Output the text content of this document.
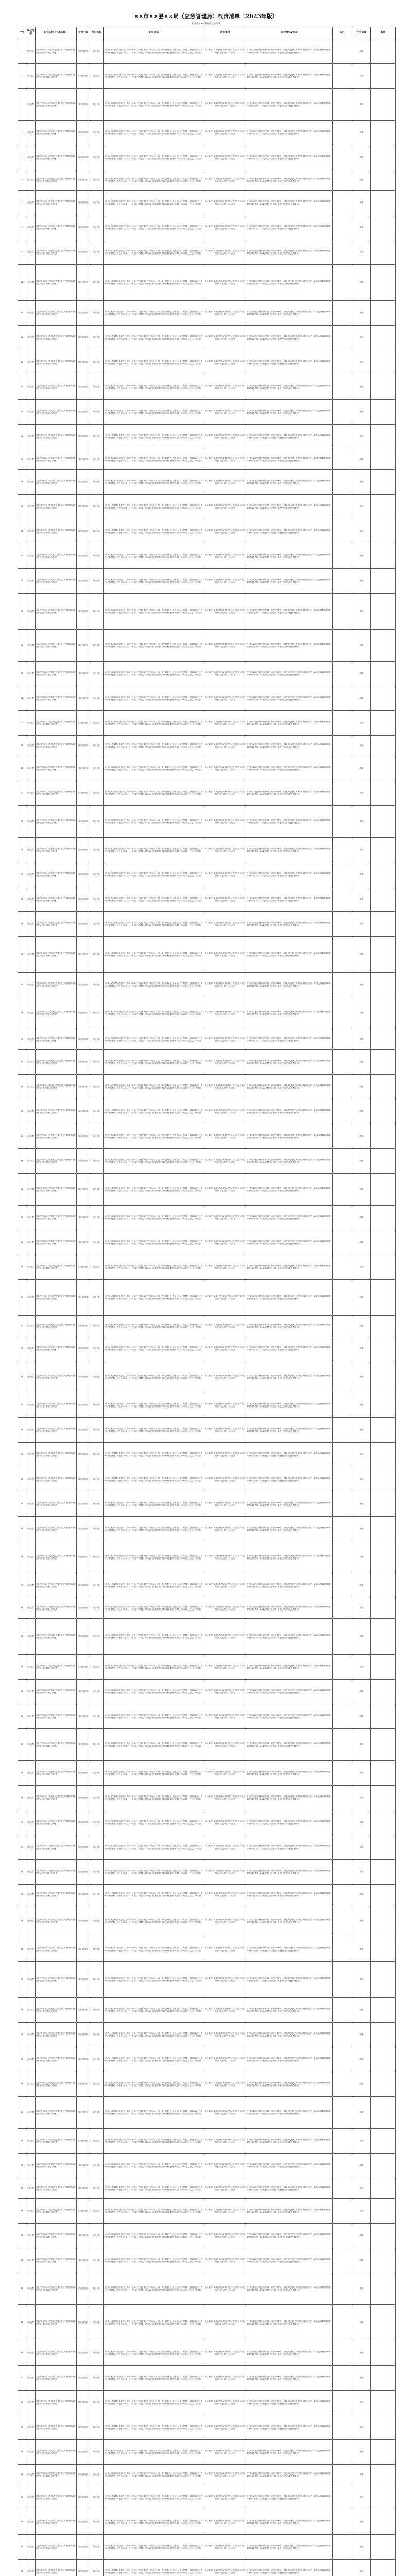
××市××县××局（应急管理局）权责清单（2023年版）
（本清单共××项行政权力事项）
序号	职权类型	职权名称（子项名称）	实施主体	承办机构	职权依据	责任事项	追责情形及依据	备注	行使层级	其他
1	行政处罚	对生产经营单位未按照规定设置安全生产管理机构或者配备安全生产管理人员的处罚	县应急管理局	执法大队	《中华人民共和国安全生产法》第九十七条：生产经营单位有下列行为之一的，责令限期改正，处十万元以下的罚款；逾期未改正的，责令停产停业整顿，并处十万元以上二十万元以下的罚款，对其直接负责的主管人员和其他直接责任人员处二万元以上五万元以下的罚款。	1.立案责任 2.调查责任 3.审查责任 4.告知责任 5.决定责任 6.送达责任 7.执行责任	因不履行或不正确履行行政职责，有下列情形的，行政机关及相关工作人员应承担相应责任：1.没有法律和事实依据实施行政处罚的；2.行政处罚显失公正的；3.违反法定的行政处罚程序的。		县级	
2	行政处罚	对生产经营单位未按照规定设置安全生产管理机构或者配备安全生产管理人员的处罚	县应急管理局	执法大队	《中华人民共和国安全生产法》第九十七条：生产经营单位有下列行为之一的，责令限期改正，处十万元以下的罚款；逾期未改正的，责令停产停业整顿，并处十万元以上二十万元以下的罚款，对其直接负责的主管人员和其他直接责任人员处二万元以上五万元以下的罚款。	1.立案责任 2.调查责任 3.审查责任 4.告知责任 5.决定责任 6.送达责任 7.执行责任	因不履行或不正确履行行政职责，有下列情形的，行政机关及相关工作人员应承担相应责任：1.没有法律和事实依据实施行政处罚的；2.行政处罚显失公正的；3.违反法定的行政处罚程序的。		县级	
3	行政处罚	对生产经营单位未按照规定设置安全生产管理机构或者配备安全生产管理人员的处罚	县应急管理局	执法大队	《中华人民共和国安全生产法》第九十七条：生产经营单位有下列行为之一的，责令限期改正，处十万元以下的罚款；逾期未改正的，责令停产停业整顿，并处十万元以上二十万元以下的罚款，对其直接负责的主管人员和其他直接责任人员处二万元以上五万元以下的罚款。	1.立案责任 2.调查责任 3.审查责任 4.告知责任 5.决定责任 6.送达责任 7.执行责任	因不履行或不正确履行行政职责，有下列情形的，行政机关及相关工作人员应承担相应责任：1.没有法律和事实依据实施行政处罚的；2.行政处罚显失公正的；3.违反法定的行政处罚程序的。		县级	
4	行政处罚	对生产经营单位未按照规定设置安全生产管理机构或者配备安全生产管理人员的处罚	县应急管理局	执法大队	《中华人民共和国安全生产法》第九十七条：生产经营单位有下列行为之一的，责令限期改正，处十万元以下的罚款；逾期未改正的，责令停产停业整顿，并处十万元以上二十万元以下的罚款，对其直接负责的主管人员和其他直接责任人员处二万元以上五万元以下的罚款。	1.立案责任 2.调查责任 3.审查责任 4.告知责任 5.决定责任 6.送达责任 7.执行责任	因不履行或不正确履行行政职责，有下列情形的，行政机关及相关工作人员应承担相应责任：1.没有法律和事实依据实施行政处罚的；2.行政处罚显失公正的；3.违反法定的行政处罚程序的。		县级	
5	行政处罚	对生产经营单位未按照规定设置安全生产管理机构或者配备安全生产管理人员的处罚	县应急管理局	执法大队	《中华人民共和国安全生产法》第九十七条：生产经营单位有下列行为之一的，责令限期改正，处十万元以下的罚款；逾期未改正的，责令停产停业整顿，并处十万元以上二十万元以下的罚款，对其直接负责的主管人员和其他直接责任人员处二万元以上五万元以下的罚款。	1.立案责任 2.调查责任 3.审查责任 4.告知责任 5.决定责任 6.送达责任 7.执行责任	因不履行或不正确履行行政职责，有下列情形的，行政机关及相关工作人员应承担相应责任：1.没有法律和事实依据实施行政处罚的；2.行政处罚显失公正的；3.违反法定的行政处罚程序的。		县级	
6	行政处罚	对生产经营单位未按照规定设置安全生产管理机构或者配备安全生产管理人员的处罚	县应急管理局	执法大队	《中华人民共和国安全生产法》第九十七条：生产经营单位有下列行为之一的，责令限期改正，处十万元以下的罚款；逾期未改正的，责令停产停业整顿，并处十万元以上二十万元以下的罚款，对其直接负责的主管人员和其他直接责任人员处二万元以上五万元以下的罚款。	1.立案责任 2.调查责任 3.审查责任 4.告知责任 5.决定责任 6.送达责任 7.执行责任	因不履行或不正确履行行政职责，有下列情形的，行政机关及相关工作人员应承担相应责任：1.没有法律和事实依据实施行政处罚的；2.行政处罚显失公正的；3.违反法定的行政处罚程序的。		县级	
7	行政处罚	对生产经营单位未按照规定设置安全生产管理机构或者配备安全生产管理人员的处罚	县应急管理局	执法大队	《中华人民共和国安全生产法》第九十七条：生产经营单位有下列行为之一的，责令限期改正，处十万元以下的罚款；逾期未改正的，责令停产停业整顿，并处十万元以上二十万元以下的罚款，对其直接负责的主管人员和其他直接责任人员处二万元以上五万元以下的罚款。	1.立案责任 2.调查责任 3.审查责任 4.告知责任 5.决定责任 6.送达责任 7.执行责任	因不履行或不正确履行行政职责，有下列情形的，行政机关及相关工作人员应承担相应责任：1.没有法律和事实依据实施行政处罚的；2.行政处罚显失公正的；3.违反法定的行政处罚程序的。		县级	
8	行政处罚	对生产经营单位未按照规定设置安全生产管理机构或者配备安全生产管理人员的处罚	县应急管理局	执法大队	《中华人民共和国安全生产法》第九十七条：生产经营单位有下列行为之一的，责令限期改正，处十万元以下的罚款；逾期未改正的，责令停产停业整顿，并处十万元以上二十万元以下的罚款，对其直接负责的主管人员和其他直接责任人员处二万元以上五万元以下的罚款。	1.立案责任 2.调查责任 3.审查责任 4.告知责任 5.决定责任 6.送达责任 7.执行责任	因不履行或不正确履行行政职责，有下列情形的，行政机关及相关工作人员应承担相应责任：1.没有法律和事实依据实施行政处罚的；2.行政处罚显失公正的；3.违反法定的行政处罚程序的。		县级	
9	行政处罚	对生产经营单位未按照规定设置安全生产管理机构或者配备安全生产管理人员的处罚	县应急管理局	执法大队	《中华人民共和国安全生产法》第九十七条：生产经营单位有下列行为之一的，责令限期改正，处十万元以下的罚款；逾期未改正的，责令停产停业整顿，并处十万元以上二十万元以下的罚款，对其直接负责的主管人员和其他直接责任人员处二万元以上五万元以下的罚款。	1.立案责任 2.调查责任 3.审查责任 4.告知责任 5.决定责任 6.送达责任 7.执行责任	因不履行或不正确履行行政职责，有下列情形的，行政机关及相关工作人员应承担相应责任：1.没有法律和事实依据实施行政处罚的；2.行政处罚显失公正的；3.违反法定的行政处罚程序的。		县级	
10	行政处罚	对生产经营单位未按照规定设置安全生产管理机构或者配备安全生产管理人员的处罚	县应急管理局	执法大队	《中华人民共和国安全生产法》第九十七条：生产经营单位有下列行为之一的，责令限期改正，处十万元以下的罚款；逾期未改正的，责令停产停业整顿，并处十万元以上二十万元以下的罚款，对其直接负责的主管人员和其他直接责任人员处二万元以上五万元以下的罚款。	1.立案责任 2.调查责任 3.审查责任 4.告知责任 5.决定责任 6.送达责任 7.执行责任	因不履行或不正确履行行政职责，有下列情形的，行政机关及相关工作人员应承担相应责任：1.没有法律和事实依据实施行政处罚的；2.行政处罚显失公正的；3.违反法定的行政处罚程序的。		县级	
11	行政处罚	对生产经营单位未按照规定设置安全生产管理机构或者配备安全生产管理人员的处罚	县应急管理局	执法大队	《中华人民共和国安全生产法》第九十七条：生产经营单位有下列行为之一的，责令限期改正，处十万元以下的罚款；逾期未改正的，责令停产停业整顿，并处十万元以上二十万元以下的罚款，对其直接负责的主管人员和其他直接责任人员处二万元以上五万元以下的罚款。	1.立案责任 2.调查责任 3.审查责任 4.告知责任 5.决定责任 6.送达责任 7.执行责任	因不履行或不正确履行行政职责，有下列情形的，行政机关及相关工作人员应承担相应责任：1.没有法律和事实依据实施行政处罚的；2.行政处罚显失公正的；3.违反法定的行政处罚程序的。		县级	
12	行政处罚	对生产经营单位未按照规定设置安全生产管理机构或者配备安全生产管理人员的处罚	县应急管理局	执法大队	《中华人民共和国安全生产法》第九十七条：生产经营单位有下列行为之一的，责令限期改正，处十万元以下的罚款；逾期未改正的，责令停产停业整顿，并处十万元以上二十万元以下的罚款，对其直接负责的主管人员和其他直接责任人员处二万元以上五万元以下的罚款。	1.立案责任 2.调查责任 3.审查责任 4.告知责任 5.决定责任 6.送达责任 7.执行责任	因不履行或不正确履行行政职责，有下列情形的，行政机关及相关工作人员应承担相应责任：1.没有法律和事实依据实施行政处罚的；2.行政处罚显失公正的；3.违反法定的行政处罚程序的。		县级	
13	行政处罚	对生产经营单位未按照规定设置安全生产管理机构或者配备安全生产管理人员的处罚	县应急管理局	执法大队	《中华人民共和国安全生产法》第九十七条：生产经营单位有下列行为之一的，责令限期改正，处十万元以下的罚款；逾期未改正的，责令停产停业整顿，并处十万元以上二十万元以下的罚款，对其直接负责的主管人员和其他直接责任人员处二万元以上五万元以下的罚款。	1.立案责任 2.调查责任 3.审查责任 4.告知责任 5.决定责任 6.送达责任 7.执行责任	因不履行或不正确履行行政职责，有下列情形的，行政机关及相关工作人员应承担相应责任：1.没有法律和事实依据实施行政处罚的；2.行政处罚显失公正的；3.违反法定的行政处罚程序的。		县级	
14	行政处罚	对生产经营单位未按照规定设置安全生产管理机构或者配备安全生产管理人员的处罚	县应急管理局	执法大队	《中华人民共和国安全生产法》第九十七条：生产经营单位有下列行为之一的，责令限期改正，处十万元以下的罚款；逾期未改正的，责令停产停业整顿，并处十万元以上二十万元以下的罚款，对其直接负责的主管人员和其他直接责任人员处二万元以上五万元以下的罚款。	1.立案责任 2.调查责任 3.审查责任 4.告知责任 5.决定责任 6.送达责任 7.执行责任	因不履行或不正确履行行政职责，有下列情形的，行政机关及相关工作人员应承担相应责任：1.没有法律和事实依据实施行政处罚的；2.行政处罚显失公正的；3.违反法定的行政处罚程序的。		县级	
15	行政处罚	对生产经营单位未按照规定设置安全生产管理机构或者配备安全生产管理人员的处罚	县应急管理局	执法大队	《中华人民共和国安全生产法》第九十七条：生产经营单位有下列行为之一的，责令限期改正，处十万元以下的罚款；逾期未改正的，责令停产停业整顿，并处十万元以上二十万元以下的罚款，对其直接负责的主管人员和其他直接责任人员处二万元以上五万元以下的罚款。	1.立案责任 2.调查责任 3.审查责任 4.告知责任 5.决定责任 6.送达责任 7.执行责任	因不履行或不正确履行行政职责，有下列情形的，行政机关及相关工作人员应承担相应责任：1.没有法律和事实依据实施行政处罚的；2.行政处罚显失公正的；3.违反法定的行政处罚程序的。		县级	
16	行政处罚	对生产经营单位未按照规定设置安全生产管理机构或者配备安全生产管理人员的处罚	县应急管理局	执法大队	《中华人民共和国安全生产法》第九十七条：生产经营单位有下列行为之一的，责令限期改正，处十万元以下的罚款；逾期未改正的，责令停产停业整顿，并处十万元以上二十万元以下的罚款，对其直接负责的主管人员和其他直接责任人员处二万元以上五万元以下的罚款。	1.立案责任 2.调查责任 3.审查责任 4.告知责任 5.决定责任 6.送达责任 7.执行责任	因不履行或不正确履行行政职责，有下列情形的，行政机关及相关工作人员应承担相应责任：1.没有法律和事实依据实施行政处罚的；2.行政处罚显失公正的；3.违反法定的行政处罚程序的。		县级	
17	行政处罚	对生产经营单位未按照规定设置安全生产管理机构或者配备安全生产管理人员的处罚	县应急管理局	执法大队	《中华人民共和国安全生产法》第九十七条：生产经营单位有下列行为之一的，责令限期改正，处十万元以下的罚款；逾期未改正的，责令停产停业整顿，并处十万元以上二十万元以下的罚款，对其直接负责的主管人员和其他直接责任人员处二万元以上五万元以下的罚款。	1.立案责任 2.调查责任 3.审查责任 4.告知责任 5.决定责任 6.送达责任 7.执行责任	因不履行或不正确履行行政职责，有下列情形的，行政机关及相关工作人员应承担相应责任：1.没有法律和事实依据实施行政处罚的；2.行政处罚显失公正的；3.违反法定的行政处罚程序的。		县级	
18	行政处罚	对生产经营单位未按照规定设置安全生产管理机构或者配备安全生产管理人员的处罚	县应急管理局	执法大队	《中华人民共和国安全生产法》第九十七条：生产经营单位有下列行为之一的，责令限期改正，处十万元以下的罚款；逾期未改正的，责令停产停业整顿，并处十万元以上二十万元以下的罚款，对其直接负责的主管人员和其他直接责任人员处二万元以上五万元以下的罚款。	1.立案责任 2.调查责任 3.审查责任 4.告知责任 5.决定责任 6.送达责任 7.执行责任	因不履行或不正确履行行政职责，有下列情形的，行政机关及相关工作人员应承担相应责任：1.没有法律和事实依据实施行政处罚的；2.行政处罚显失公正的；3.违反法定的行政处罚程序的。		县级	
19	行政处罚	对生产经营单位未按照规定设置安全生产管理机构或者配备安全生产管理人员的处罚	县应急管理局	执法大队	《中华人民共和国安全生产法》第九十七条：生产经营单位有下列行为之一的，责令限期改正，处十万元以下的罚款；逾期未改正的，责令停产停业整顿，并处十万元以上二十万元以下的罚款，对其直接负责的主管人员和其他直接责任人员处二万元以上五万元以下的罚款。	1.立案责任 2.调查责任 3.审查责任 4.告知责任 5.决定责任 6.送达责任 7.执行责任	因不履行或不正确履行行政职责，有下列情形的，行政机关及相关工作人员应承担相应责任：1.没有法律和事实依据实施行政处罚的；2.行政处罚显失公正的；3.违反法定的行政处罚程序的。		县级	
20	行政处罚	对生产经营单位未按照规定设置安全生产管理机构或者配备安全生产管理人员的处罚	县应急管理局	执法大队	《中华人民共和国安全生产法》第九十七条：生产经营单位有下列行为之一的，责令限期改正，处十万元以下的罚款；逾期未改正的，责令停产停业整顿，并处十万元以上二十万元以下的罚款，对其直接负责的主管人员和其他直接责任人员处二万元以上五万元以下的罚款。	1.立案责任 2.调查责任 3.审查责任 4.告知责任 5.决定责任 6.送达责任 7.执行责任	因不履行或不正确履行行政职责，有下列情形的，行政机关及相关工作人员应承担相应责任：1.没有法律和事实依据实施行政处罚的；2.行政处罚显失公正的；3.违反法定的行政处罚程序的。		县级	
21	行政处罚	对生产经营单位未按照规定设置安全生产管理机构或者配备安全生产管理人员的处罚	县应急管理局	执法大队	《中华人民共和国安全生产法》第九十七条：生产经营单位有下列行为之一的，责令限期改正，处十万元以下的罚款；逾期未改正的，责令停产停业整顿，并处十万元以上二十万元以下的罚款，对其直接负责的主管人员和其他直接责任人员处二万元以上五万元以下的罚款。	1.立案责任 2.调查责任 3.审查责任 4.告知责任 5.决定责任 6.送达责任 7.执行责任	因不履行或不正确履行行政职责，有下列情形的，行政机关及相关工作人员应承担相应责任：1.没有法律和事实依据实施行政处罚的；2.行政处罚显失公正的；3.违反法定的行政处罚程序的。		县级	
22	行政处罚	对生产经营单位未按照规定设置安全生产管理机构或者配备安全生产管理人员的处罚	县应急管理局	执法大队	《中华人民共和国安全生产法》第九十七条：生产经营单位有下列行为之一的，责令限期改正，处十万元以下的罚款；逾期未改正的，责令停产停业整顿，并处十万元以上二十万元以下的罚款，对其直接负责的主管人员和其他直接责任人员处二万元以上五万元以下的罚款。	1.立案责任 2.调查责任 3.审查责任 4.告知责任 5.决定责任 6.送达责任 7.执行责任	因不履行或不正确履行行政职责，有下列情形的，行政机关及相关工作人员应承担相应责任：1.没有法律和事实依据实施行政处罚的；2.行政处罚显失公正的；3.违反法定的行政处罚程序的。		县级	
23	行政处罚	对生产经营单位未按照规定设置安全生产管理机构或者配备安全生产管理人员的处罚	县应急管理局	执法大队	《中华人民共和国安全生产法》第九十七条：生产经营单位有下列行为之一的，责令限期改正，处十万元以下的罚款；逾期未改正的，责令停产停业整顿，并处十万元以上二十万元以下的罚款，对其直接负责的主管人员和其他直接责任人员处二万元以上五万元以下的罚款。	1.立案责任 2.调查责任 3.审查责任 4.告知责任 5.决定责任 6.送达责任 7.执行责任	因不履行或不正确履行行政职责，有下列情形的，行政机关及相关工作人员应承担相应责任：1.没有法律和事实依据实施行政处罚的；2.行政处罚显失公正的；3.违反法定的行政处罚程序的。		县级	
24	行政处罚	对生产经营单位未按照规定设置安全生产管理机构或者配备安全生产管理人员的处罚	县应急管理局	执法大队	《中华人民共和国安全生产法》第九十七条：生产经营单位有下列行为之一的，责令限期改正，处十万元以下的罚款；逾期未改正的，责令停产停业整顿，并处十万元以上二十万元以下的罚款，对其直接负责的主管人员和其他直接责任人员处二万元以上五万元以下的罚款。	1.立案责任 2.调查责任 3.审查责任 4.告知责任 5.决定责任 6.送达责任 7.执行责任	因不履行或不正确履行行政职责，有下列情形的，行政机关及相关工作人员应承担相应责任：1.没有法律和事实依据实施行政处罚的；2.行政处罚显失公正的；3.违反法定的行政处罚程序的。		县级	
25	行政处罚	对生产经营单位未按照规定设置安全生产管理机构或者配备安全生产管理人员的处罚	县应急管理局	执法大队	《中华人民共和国安全生产法》第九十七条：生产经营单位有下列行为之一的，责令限期改正，处十万元以下的罚款；逾期未改正的，责令停产停业整顿，并处十万元以上二十万元以下的罚款，对其直接负责的主管人员和其他直接责任人员处二万元以上五万元以下的罚款。	1.立案责任 2.调查责任 3.审查责任 4.告知责任 5.决定责任 6.送达责任 7.执行责任	因不履行或不正确履行行政职责，有下列情形的，行政机关及相关工作人员应承担相应责任：1.没有法律和事实依据实施行政处罚的；2.行政处罚显失公正的；3.违反法定的行政处罚程序的。		县级	
26	行政处罚	对生产经营单位未按照规定设置安全生产管理机构或者配备安全生产管理人员的处罚	县应急管理局	执法大队	《中华人民共和国安全生产法》第九十七条：生产经营单位有下列行为之一的，责令限期改正，处十万元以下的罚款；逾期未改正的，责令停产停业整顿，并处十万元以上二十万元以下的罚款，对其直接负责的主管人员和其他直接责任人员处二万元以上五万元以下的罚款。	1.立案责任 2.调查责任 3.审查责任 4.告知责任 5.决定责任 6.送达责任 7.执行责任	因不履行或不正确履行行政职责，有下列情形的，行政机关及相关工作人员应承担相应责任：1.没有法律和事实依据实施行政处罚的；2.行政处罚显失公正的；3.违反法定的行政处罚程序的。		县级	
27	行政处罚	对生产经营单位未按照规定设置安全生产管理机构或者配备安全生产管理人员的处罚	县应急管理局	执法大队	《中华人民共和国安全生产法》第九十七条：生产经营单位有下列行为之一的，责令限期改正，处十万元以下的罚款；逾期未改正的，责令停产停业整顿，并处十万元以上二十万元以下的罚款，对其直接负责的主管人员和其他直接责任人员处二万元以上五万元以下的罚款。	1.立案责任 2.调查责任 3.审查责任 4.告知责任 5.决定责任 6.送达责任 7.执行责任	因不履行或不正确履行行政职责，有下列情形的，行政机关及相关工作人员应承担相应责任：1.没有法律和事实依据实施行政处罚的；2.行政处罚显失公正的；3.违反法定的行政处罚程序的。		县级	
28	行政处罚	对生产经营单位未按照规定设置安全生产管理机构或者配备安全生产管理人员的处罚	县应急管理局	执法大队	《中华人民共和国安全生产法》第九十七条：生产经营单位有下列行为之一的，责令限期改正，处十万元以下的罚款；逾期未改正的，责令停产停业整顿，并处十万元以上二十万元以下的罚款，对其直接负责的主管人员和其他直接责任人员处二万元以上五万元以下的罚款。	1.立案责任 2.调查责任 3.审查责任 4.告知责任 5.决定责任 6.送达责任 7.执行责任	因不履行或不正确履行行政职责，有下列情形的，行政机关及相关工作人员应承担相应责任：1.没有法律和事实依据实施行政处罚的；2.行政处罚显失公正的；3.违反法定的行政处罚程序的。		县级	
29	行政处罚	对生产经营单位未按照规定设置安全生产管理机构或者配备安全生产管理人员的处罚	县应急管理局	执法大队	《中华人民共和国安全生产法》第九十七条：生产经营单位有下列行为之一的，责令限期改正，处十万元以下的罚款；逾期未改正的，责令停产停业整顿，并处十万元以上二十万元以下的罚款，对其直接负责的主管人员和其他直接责任人员处二万元以上五万元以下的罚款。	1.立案责任 2.调查责任 3.审查责任 4.告知责任 5.决定责任 6.送达责任 7.执行责任	因不履行或不正确履行行政职责，有下列情形的，行政机关及相关工作人员应承担相应责任：1.没有法律和事实依据实施行政处罚的；2.行政处罚显失公正的；3.违反法定的行政处罚程序的。		县级	
30	行政处罚	对生产经营单位未按照规定设置安全生产管理机构或者配备安全生产管理人员的处罚	县应急管理局	执法大队	《中华人民共和国安全生产法》第九十七条：生产经营单位有下列行为之一的，责令限期改正，处十万元以下的罚款；逾期未改正的，责令停产停业整顿，并处十万元以上二十万元以下的罚款，对其直接负责的主管人员和其他直接责任人员处二万元以上五万元以下的罚款。	1.立案责任 2.调查责任 3.审查责任 4.告知责任 5.决定责任 6.送达责任 7.执行责任	因不履行或不正确履行行政职责，有下列情形的，行政机关及相关工作人员应承担相应责任：1.没有法律和事实依据实施行政处罚的；2.行政处罚显失公正的；3.违反法定的行政处罚程序的。		县级	
31	行政处罚	对生产经营单位未按照规定设置安全生产管理机构或者配备安全生产管理人员的处罚	县应急管理局	执法大队	《中华人民共和国安全生产法》第九十七条：生产经营单位有下列行为之一的，责令限期改正，处十万元以下的罚款；逾期未改正的，责令停产停业整顿，并处十万元以上二十万元以下的罚款，对其直接负责的主管人员和其他直接责任人员处二万元以上五万元以下的罚款。	1.立案责任 2.调查责任 3.审查责任 4.告知责任 5.决定责任 6.送达责任 7.执行责任	因不履行或不正确履行行政职责，有下列情形的，行政机关及相关工作人员应承担相应责任：1.没有法律和事实依据实施行政处罚的；2.行政处罚显失公正的；3.违反法定的行政处罚程序的。		县级	
32	行政处罚	对生产经营单位未按照规定设置安全生产管理机构或者配备安全生产管理人员的处罚	县应急管理局	执法大队	《中华人民共和国安全生产法》第九十七条：生产经营单位有下列行为之一的，责令限期改正，处十万元以下的罚款；逾期未改正的，责令停产停业整顿，并处十万元以上二十万元以下的罚款，对其直接负责的主管人员和其他直接责任人员处二万元以上五万元以下的罚款。	1.立案责任 2.调查责任 3.审查责任 4.告知责任 5.决定责任 6.送达责任 7.执行责任	因不履行或不正确履行行政职责，有下列情形的，行政机关及相关工作人员应承担相应责任：1.没有法律和事实依据实施行政处罚的；2.行政处罚显失公正的；3.违反法定的行政处罚程序的。		县级	
33	行政处罚	对生产经营单位未按照规定设置安全生产管理机构或者配备安全生产管理人员的处罚	县应急管理局	执法大队	《中华人民共和国安全生产法》第九十七条：生产经营单位有下列行为之一的，责令限期改正，处十万元以下的罚款；逾期未改正的，责令停产停业整顿，并处十万元以上二十万元以下的罚款，对其直接负责的主管人员和其他直接责任人员处二万元以上五万元以下的罚款。	1.立案责任 2.调查责任 3.审查责任 4.告知责任 5.决定责任 6.送达责任 7.执行责任	因不履行或不正确履行行政职责，有下列情形的，行政机关及相关工作人员应承担相应责任：1.没有法律和事实依据实施行政处罚的；2.行政处罚显失公正的；3.违反法定的行政处罚程序的。		县级	
34	行政处罚	对生产经营单位未按照规定设置安全生产管理机构或者配备安全生产管理人员的处罚	县应急管理局	执法大队	《中华人民共和国安全生产法》第九十七条：生产经营单位有下列行为之一的，责令限期改正，处十万元以下的罚款；逾期未改正的，责令停产停业整顿，并处十万元以上二十万元以下的罚款，对其直接负责的主管人员和其他直接责任人员处二万元以上五万元以下的罚款。	1.立案责任 2.调查责任 3.审查责任 4.告知责任 5.决定责任 6.送达责任 7.执行责任	因不履行或不正确履行行政职责，有下列情形的，行政机关及相关工作人员应承担相应责任：1.没有法律和事实依据实施行政处罚的；2.行政处罚显失公正的；3.违反法定的行政处罚程序的。		县级	
35	行政处罚	对生产经营单位未按照规定设置安全生产管理机构或者配备安全生产管理人员的处罚	县应急管理局	执法大队	《中华人民共和国安全生产法》第九十七条：生产经营单位有下列行为之一的，责令限期改正，处十万元以下的罚款；逾期未改正的，责令停产停业整顿，并处十万元以上二十万元以下的罚款，对其直接负责的主管人员和其他直接责任人员处二万元以上五万元以下的罚款。	1.立案责任 2.调查责任 3.审查责任 4.告知责任 5.决定责任 6.送达责任 7.执行责任	因不履行或不正确履行行政职责，有下列情形的，行政机关及相关工作人员应承担相应责任：1.没有法律和事实依据实施行政处罚的；2.行政处罚显失公正的；3.违反法定的行政处罚程序的。		县级	
36	行政处罚	对生产经营单位未按照规定设置安全生产管理机构或者配备安全生产管理人员的处罚	县应急管理局	执法大队	《中华人民共和国安全生产法》第九十七条：生产经营单位有下列行为之一的，责令限期改正，处十万元以下的罚款；逾期未改正的，责令停产停业整顿，并处十万元以上二十万元以下的罚款，对其直接负责的主管人员和其他直接责任人员处二万元以上五万元以下的罚款。	1.立案责任 2.调查责任 3.审查责任 4.告知责任 5.决定责任 6.送达责任 7.执行责任	因不履行或不正确履行行政职责，有下列情形的，行政机关及相关工作人员应承担相应责任：1.没有法律和事实依据实施行政处罚的；2.行政处罚显失公正的；3.违反法定的行政处罚程序的。		县级	
37	行政处罚	对生产经营单位未按照规定设置安全生产管理机构或者配备安全生产管理人员的处罚	县应急管理局	执法大队	《中华人民共和国安全生产法》第九十七条：生产经营单位有下列行为之一的，责令限期改正，处十万元以下的罚款；逾期未改正的，责令停产停业整顿，并处十万元以上二十万元以下的罚款，对其直接负责的主管人员和其他直接责任人员处二万元以上五万元以下的罚款。	1.立案责任 2.调查责任 3.审查责任 4.告知责任 5.决定责任 6.送达责任 7.执行责任	因不履行或不正确履行行政职责，有下列情形的，行政机关及相关工作人员应承担相应责任：1.没有法律和事实依据实施行政处罚的；2.行政处罚显失公正的；3.违反法定的行政处罚程序的。		县级	
38	行政处罚	对生产经营单位未按照规定设置安全生产管理机构或者配备安全生产管理人员的处罚	县应急管理局	执法大队	《中华人民共和国安全生产法》第九十七条：生产经营单位有下列行为之一的，责令限期改正，处十万元以下的罚款；逾期未改正的，责令停产停业整顿，并处十万元以上二十万元以下的罚款，对其直接负责的主管人员和其他直接责任人员处二万元以上五万元以下的罚款。	1.立案责任 2.调查责任 3.审查责任 4.告知责任 5.决定责任 6.送达责任 7.执行责任	因不履行或不正确履行行政职责，有下列情形的，行政机关及相关工作人员应承担相应责任：1.没有法律和事实依据实施行政处罚的；2.行政处罚显失公正的；3.违反法定的行政处罚程序的。		县级	
39	行政处罚	对生产经营单位未按照规定设置安全生产管理机构或者配备安全生产管理人员的处罚	县应急管理局	执法大队	《中华人民共和国安全生产法》第九十七条：生产经营单位有下列行为之一的，责令限期改正，处十万元以下的罚款；逾期未改正的，责令停产停业整顿，并处十万元以上二十万元以下的罚款，对其直接负责的主管人员和其他直接责任人员处二万元以上五万元以下的罚款。	1.立案责任 2.调查责任 3.审查责任 4.告知责任 5.决定责任 6.送达责任 7.执行责任	因不履行或不正确履行行政职责，有下列情形的，行政机关及相关工作人员应承担相应责任：1.没有法律和事实依据实施行政处罚的；2.行政处罚显失公正的；3.违反法定的行政处罚程序的。		县级	
40	行政处罚	对生产经营单位未按照规定设置安全生产管理机构或者配备安全生产管理人员的处罚	县应急管理局	执法大队	《中华人民共和国安全生产法》第九十七条：生产经营单位有下列行为之一的，责令限期改正，处十万元以下的罚款；逾期未改正的，责令停产停业整顿，并处十万元以上二十万元以下的罚款，对其直接负责的主管人员和其他直接责任人员处二万元以上五万元以下的罚款。	1.立案责任 2.调查责任 3.审查责任 4.告知责任 5.决定责任 6.送达责任 7.执行责任	因不履行或不正确履行行政职责，有下列情形的，行政机关及相关工作人员应承担相应责任：1.没有法律和事实依据实施行政处罚的；2.行政处罚显失公正的；3.违反法定的行政处罚程序的。		县级	
41	行政处罚	对生产经营单位未按照规定设置安全生产管理机构或者配备安全生产管理人员的处罚	县应急管理局	执法大队	《中华人民共和国安全生产法》第九十七条：生产经营单位有下列行为之一的，责令限期改正，处十万元以下的罚款；逾期未改正的，责令停产停业整顿，并处十万元以上二十万元以下的罚款，对其直接负责的主管人员和其他直接责任人员处二万元以上五万元以下的罚款。	1.立案责任 2.调查责任 3.审查责任 4.告知责任 5.决定责任 6.送达责任 7.执行责任	因不履行或不正确履行行政职责，有下列情形的，行政机关及相关工作人员应承担相应责任：1.没有法律和事实依据实施行政处罚的；2.行政处罚显失公正的；3.违反法定的行政处罚程序的。		县级	
42	行政处罚	对生产经营单位未按照规定设置安全生产管理机构或者配备安全生产管理人员的处罚	县应急管理局	执法大队	《中华人民共和国安全生产法》第九十七条：生产经营单位有下列行为之一的，责令限期改正，处十万元以下的罚款；逾期未改正的，责令停产停业整顿，并处十万元以上二十万元以下的罚款，对其直接负责的主管人员和其他直接责任人员处二万元以上五万元以下的罚款。	1.立案责任 2.调查责任 3.审查责任 4.告知责任 5.决定责任 6.送达责任 7.执行责任	因不履行或不正确履行行政职责，有下列情形的，行政机关及相关工作人员应承担相应责任：1.没有法律和事实依据实施行政处罚的；2.行政处罚显失公正的；3.违反法定的行政处罚程序的。		县级	
43	行政处罚	对生产经营单位未按照规定设置安全生产管理机构或者配备安全生产管理人员的处罚	县应急管理局	执法大队	《中华人民共和国安全生产法》第九十七条：生产经营单位有下列行为之一的，责令限期改正，处十万元以下的罚款；逾期未改正的，责令停产停业整顿，并处十万元以上二十万元以下的罚款，对其直接负责的主管人员和其他直接责任人员处二万元以上五万元以下的罚款。	1.立案责任 2.调查责任 3.审查责任 4.告知责任 5.决定责任 6.送达责任 7.执行责任	因不履行或不正确履行行政职责，有下列情形的，行政机关及相关工作人员应承担相应责任：1.没有法律和事实依据实施行政处罚的；2.行政处罚显失公正的；3.违反法定的行政处罚程序的。		县级	
44	行政处罚	对生产经营单位未按照规定设置安全生产管理机构或者配备安全生产管理人员的处罚	县应急管理局	执法大队	《中华人民共和国安全生产法》第九十七条：生产经营单位有下列行为之一的，责令限期改正，处十万元以下的罚款；逾期未改正的，责令停产停业整顿，并处十万元以上二十万元以下的罚款，对其直接负责的主管人员和其他直接责任人员处二万元以上五万元以下的罚款。	1.立案责任 2.调查责任 3.审查责任 4.告知责任 5.决定责任 6.送达责任 7.执行责任	因不履行或不正确履行行政职责，有下列情形的，行政机关及相关工作人员应承担相应责任：1.没有法律和事实依据实施行政处罚的；2.行政处罚显失公正的；3.违反法定的行政处罚程序的。		县级	
45	行政处罚	对生产经营单位未按照规定设置安全生产管理机构或者配备安全生产管理人员的处罚	县应急管理局	执法大队	《中华人民共和国安全生产法》第九十七条：生产经营单位有下列行为之一的，责令限期改正，处十万元以下的罚款；逾期未改正的，责令停产停业整顿，并处十万元以上二十万元以下的罚款，对其直接负责的主管人员和其他直接责任人员处二万元以上五万元以下的罚款。	1.立案责任 2.调查责任 3.审查责任 4.告知责任 5.决定责任 6.送达责任 7.执行责任	因不履行或不正确履行行政职责，有下列情形的，行政机关及相关工作人员应承担相应责任：1.没有法律和事实依据实施行政处罚的；2.行政处罚显失公正的；3.违反法定的行政处罚程序的。		县级	
46	行政处罚	对生产经营单位未按照规定设置安全生产管理机构或者配备安全生产管理人员的处罚	县应急管理局	执法大队	《中华人民共和国安全生产法》第九十七条：生产经营单位有下列行为之一的，责令限期改正，处十万元以下的罚款；逾期未改正的，责令停产停业整顿，并处十万元以上二十万元以下的罚款，对其直接负责的主管人员和其他直接责任人员处二万元以上五万元以下的罚款。	1.立案责任 2.调查责任 3.审查责任 4.告知责任 5.决定责任 6.送达责任 7.执行责任	因不履行或不正确履行行政职责，有下列情形的，行政机关及相关工作人员应承担相应责任：1.没有法律和事实依据实施行政处罚的；2.行政处罚显失公正的；3.违反法定的行政处罚程序的。		县级	
47	行政处罚	对生产经营单位未按照规定设置安全生产管理机构或者配备安全生产管理人员的处罚	县应急管理局	执法大队	《中华人民共和国安全生产法》第九十七条：生产经营单位有下列行为之一的，责令限期改正，处十万元以下的罚款；逾期未改正的，责令停产停业整顿，并处十万元以上二十万元以下的罚款，对其直接负责的主管人员和其他直接责任人员处二万元以上五万元以下的罚款。	1.立案责任 2.调查责任 3.审查责任 4.告知责任 5.决定责任 6.送达责任 7.执行责任	因不履行或不正确履行行政职责，有下列情形的，行政机关及相关工作人员应承担相应责任：1.没有法律和事实依据实施行政处罚的；2.行政处罚显失公正的；3.违反法定的行政处罚程序的。		县级	
48	行政处罚	对生产经营单位未按照规定设置安全生产管理机构或者配备安全生产管理人员的处罚	县应急管理局	执法大队	《中华人民共和国安全生产法》第九十七条：生产经营单位有下列行为之一的，责令限期改正，处十万元以下的罚款；逾期未改正的，责令停产停业整顿，并处十万元以上二十万元以下的罚款，对其直接负责的主管人员和其他直接责任人员处二万元以上五万元以下的罚款。	1.立案责任 2.调查责任 3.审查责任 4.告知责任 5.决定责任 6.送达责任 7.执行责任	因不履行或不正确履行行政职责，有下列情形的，行政机关及相关工作人员应承担相应责任：1.没有法律和事实依据实施行政处罚的；2.行政处罚显失公正的；3.违反法定的行政处罚程序的。		县级	
49	行政处罚	对生产经营单位未按照规定设置安全生产管理机构或者配备安全生产管理人员的处罚	县应急管理局	执法大队	《中华人民共和国安全生产法》第九十七条：生产经营单位有下列行为之一的，责令限期改正，处十万元以下的罚款；逾期未改正的，责令停产停业整顿，并处十万元以上二十万元以下的罚款，对其直接负责的主管人员和其他直接责任人员处二万元以上五万元以下的罚款。	1.立案责任 2.调查责任 3.审查责任 4.告知责任 5.决定责任 6.送达责任 7.执行责任	因不履行或不正确履行行政职责，有下列情形的，行政机关及相关工作人员应承担相应责任：1.没有法律和事实依据实施行政处罚的；2.行政处罚显失公正的；3.违反法定的行政处罚程序的。		县级	
50	行政处罚	对生产经营单位未按照规定设置安全生产管理机构或者配备安全生产管理人员的处罚	县应急管理局	执法大队	《中华人民共和国安全生产法》第九十七条：生产经营单位有下列行为之一的，责令限期改正，处十万元以下的罚款；逾期未改正的，责令停产停业整顿，并处十万元以上二十万元以下的罚款，对其直接负责的主管人员和其他直接责任人员处二万元以上五万元以下的罚款。	1.立案责任 2.调查责任 3.审查责任 4.告知责任 5.决定责任 6.送达责任 7.执行责任	因不履行或不正确履行行政职责，有下列情形的，行政机关及相关工作人员应承担相应责任：1.没有法律和事实依据实施行政处罚的；2.行政处罚显失公正的；3.违反法定的行政处罚程序的。		县级	
51	行政处罚	对生产经营单位未按照规定设置安全生产管理机构或者配备安全生产管理人员的处罚	县应急管理局	执法大队	《中华人民共和国安全生产法》第九十七条：生产经营单位有下列行为之一的，责令限期改正，处十万元以下的罚款；逾期未改正的，责令停产停业整顿，并处十万元以上二十万元以下的罚款，对其直接负责的主管人员和其他直接责任人员处二万元以上五万元以下的罚款。	1.立案责任 2.调查责任 3.审查责任 4.告知责任 5.决定责任 6.送达责任 7.执行责任	因不履行或不正确履行行政职责，有下列情形的，行政机关及相关工作人员应承担相应责任：1.没有法律和事实依据实施行政处罚的；2.行政处罚显失公正的；3.违反法定的行政处罚程序的。		县级	
52	行政处罚	对生产经营单位未按照规定设置安全生产管理机构或者配备安全生产管理人员的处罚	县应急管理局	执法大队	《中华人民共和国安全生产法》第九十七条：生产经营单位有下列行为之一的，责令限期改正，处十万元以下的罚款；逾期未改正的，责令停产停业整顿，并处十万元以上二十万元以下的罚款，对其直接负责的主管人员和其他直接责任人员处二万元以上五万元以下的罚款。	1.立案责任 2.调查责任 3.审查责任 4.告知责任 5.决定责任 6.送达责任 7.执行责任	因不履行或不正确履行行政职责，有下列情形的，行政机关及相关工作人员应承担相应责任：1.没有法律和事实依据实施行政处罚的；2.行政处罚显失公正的；3.违反法定的行政处罚程序的。		县级	
53	行政处罚	对生产经营单位未按照规定设置安全生产管理机构或者配备安全生产管理人员的处罚	县应急管理局	执法大队	《中华人民共和国安全生产法》第九十七条：生产经营单位有下列行为之一的，责令限期改正，处十万元以下的罚款；逾期未改正的，责令停产停业整顿，并处十万元以上二十万元以下的罚款，对其直接负责的主管人员和其他直接责任人员处二万元以上五万元以下的罚款。	1.立案责任 2.调查责任 3.审查责任 4.告知责任 5.决定责任 6.送达责任 7.执行责任	因不履行或不正确履行行政职责，有下列情形的，行政机关及相关工作人员应承担相应责任：1.没有法律和事实依据实施行政处罚的；2.行政处罚显失公正的；3.违反法定的行政处罚程序的。		县级	
54	行政处罚	对生产经营单位未按照规定设置安全生产管理机构或者配备安全生产管理人员的处罚	县应急管理局	执法大队	《中华人民共和国安全生产法》第九十七条：生产经营单位有下列行为之一的，责令限期改正，处十万元以下的罚款；逾期未改正的，责令停产停业整顿，并处十万元以上二十万元以下的罚款，对其直接负责的主管人员和其他直接责任人员处二万元以上五万元以下的罚款。	1.立案责任 2.调查责任 3.审查责任 4.告知责任 5.决定责任 6.送达责任 7.执行责任	因不履行或不正确履行行政职责，有下列情形的，行政机关及相关工作人员应承担相应责任：1.没有法律和事实依据实施行政处罚的；2.行政处罚显失公正的；3.违反法定的行政处罚程序的。		县级	
55	行政处罚	对生产经营单位未按照规定设置安全生产管理机构或者配备安全生产管理人员的处罚	县应急管理局	执法大队	《中华人民共和国安全生产法》第九十七条：生产经营单位有下列行为之一的，责令限期改正，处十万元以下的罚款；逾期未改正的，责令停产停业整顿，并处十万元以上二十万元以下的罚款，对其直接负责的主管人员和其他直接责任人员处二万元以上五万元以下的罚款。	1.立案责任 2.调查责任 3.审查责任 4.告知责任 5.决定责任 6.送达责任 7.执行责任	因不履行或不正确履行行政职责，有下列情形的，行政机关及相关工作人员应承担相应责任：1.没有法律和事实依据实施行政处罚的；2.行政处罚显失公正的；3.违反法定的行政处罚程序的。		县级	
56	行政处罚	对生产经营单位未按照规定设置安全生产管理机构或者配备安全生产管理人员的处罚	县应急管理局	执法大队	《中华人民共和国安全生产法》第九十七条：生产经营单位有下列行为之一的，责令限期改正，处十万元以下的罚款；逾期未改正的，责令停产停业整顿，并处十万元以上二十万元以下的罚款，对其直接负责的主管人员和其他直接责任人员处二万元以上五万元以下的罚款。	1.立案责任 2.调查责任 3.审查责任 4.告知责任 5.决定责任 6.送达责任 7.执行责任	因不履行或不正确履行行政职责，有下列情形的，行政机关及相关工作人员应承担相应责任：1.没有法律和事实依据实施行政处罚的；2.行政处罚显失公正的；3.违反法定的行政处罚程序的。		县级	
57	行政处罚	对生产经营单位未按照规定设置安全生产管理机构或者配备安全生产管理人员的处罚	县应急管理局	执法大队	《中华人民共和国安全生产法》第九十七条：生产经营单位有下列行为之一的，责令限期改正，处十万元以下的罚款；逾期未改正的，责令停产停业整顿，并处十万元以上二十万元以下的罚款，对其直接负责的主管人员和其他直接责任人员处二万元以上五万元以下的罚款。	1.立案责任 2.调查责任 3.审查责任 4.告知责任 5.决定责任 6.送达责任 7.执行责任	因不履行或不正确履行行政职责，有下列情形的，行政机关及相关工作人员应承担相应责任：1.没有法律和事实依据实施行政处罚的；2.行政处罚显失公正的；3.违反法定的行政处罚程序的。		县级	
58	行政处罚	对生产经营单位未按照规定设置安全生产管理机构或者配备安全生产管理人员的处罚	县应急管理局	执法大队	《中华人民共和国安全生产法》第九十七条：生产经营单位有下列行为之一的，责令限期改正，处十万元以下的罚款；逾期未改正的，责令停产停业整顿，并处十万元以上二十万元以下的罚款，对其直接负责的主管人员和其他直接责任人员处二万元以上五万元以下的罚款。	1.立案责任 2.调查责任 3.审查责任 4.告知责任 5.决定责任 6.送达责任 7.执行责任	因不履行或不正确履行行政职责，有下列情形的，行政机关及相关工作人员应承担相应责任：1.没有法律和事实依据实施行政处罚的；2.行政处罚显失公正的；3.违反法定的行政处罚程序的。		县级	
59	行政处罚	对生产经营单位未按照规定设置安全生产管理机构或者配备安全生产管理人员的处罚	县应急管理局	执法大队	《中华人民共和国安全生产法》第九十七条：生产经营单位有下列行为之一的，责令限期改正，处十万元以下的罚款；逾期未改正的，责令停产停业整顿，并处十万元以上二十万元以下的罚款，对其直接负责的主管人员和其他直接责任人员处二万元以上五万元以下的罚款。	1.立案责任 2.调查责任 3.审查责任 4.告知责任 5.决定责任 6.送达责任 7.执行责任	因不履行或不正确履行行政职责，有下列情形的，行政机关及相关工作人员应承担相应责任：1.没有法律和事实依据实施行政处罚的；2.行政处罚显失公正的；3.违反法定的行政处罚程序的。		县级	
60	行政处罚	对生产经营单位未按照规定设置安全生产管理机构或者配备安全生产管理人员的处罚	县应急管理局	执法大队	《中华人民共和国安全生产法》第九十七条：生产经营单位有下列行为之一的，责令限期改正，处十万元以下的罚款；逾期未改正的，责令停产停业整顿，并处十万元以上二十万元以下的罚款，对其直接负责的主管人员和其他直接责任人员处二万元以上五万元以下的罚款。	1.立案责任 2.调查责任 3.审查责任 4.告知责任 5.决定责任 6.送达责任 7.执行责任	因不履行或不正确履行行政职责，有下列情形的，行政机关及相关工作人员应承担相应责任：1.没有法律和事实依据实施行政处罚的；2.行政处罚显失公正的；3.违反法定的行政处罚程序的。		县级	
61	行政处罚	对生产经营单位未按照规定设置安全生产管理机构或者配备安全生产管理人员的处罚	县应急管理局	执法大队	《中华人民共和国安全生产法》第九十七条：生产经营单位有下列行为之一的，责令限期改正，处十万元以下的罚款；逾期未改正的，责令停产停业整顿，并处十万元以上二十万元以下的罚款，对其直接负责的主管人员和其他直接责任人员处二万元以上五万元以下的罚款。	1.立案责任 2.调查责任 3.审查责任 4.告知责任 5.决定责任 6.送达责任 7.执行责任	因不履行或不正确履行行政职责，有下列情形的，行政机关及相关工作人员应承担相应责任：1.没有法律和事实依据实施行政处罚的；2.行政处罚显失公正的；3.违反法定的行政处罚程序的。		县级	
62	行政处罚	对生产经营单位未按照规定设置安全生产管理机构或者配备安全生产管理人员的处罚	县应急管理局	执法大队	《中华人民共和国安全生产法》第九十七条：生产经营单位有下列行为之一的，责令限期改正，处十万元以下的罚款；逾期未改正的，责令停产停业整顿，并处十万元以上二十万元以下的罚款，对其直接负责的主管人员和其他直接责任人员处二万元以上五万元以下的罚款。	1.立案责任 2.调查责任 3.审查责任 4.告知责任 5.决定责任 6.送达责任 7.执行责任	因不履行或不正确履行行政职责，有下列情形的，行政机关及相关工作人员应承担相应责任：1.没有法律和事实依据实施行政处罚的；2.行政处罚显失公正的；3.违反法定的行政处罚程序的。		县级	
63	行政处罚	对生产经营单位未按照规定设置安全生产管理机构或者配备安全生产管理人员的处罚	县应急管理局	执法大队	《中华人民共和国安全生产法》第九十七条：生产经营单位有下列行为之一的，责令限期改正，处十万元以下的罚款；逾期未改正的，责令停产停业整顿，并处十万元以上二十万元以下的罚款，对其直接负责的主管人员和其他直接责任人员处二万元以上五万元以下的罚款。	1.立案责任 2.调查责任 3.审查责任 4.告知责任 5.决定责任 6.送达责任 7.执行责任	因不履行或不正确履行行政职责，有下列情形的，行政机关及相关工作人员应承担相应责任：1.没有法律和事实依据实施行政处罚的；2.行政处罚显失公正的；3.违反法定的行政处罚程序的。		县级	
64	行政处罚	对生产经营单位未按照规定设置安全生产管理机构或者配备安全生产管理人员的处罚	县应急管理局	执法大队	《中华人民共和国安全生产法》第九十七条：生产经营单位有下列行为之一的，责令限期改正，处十万元以下的罚款；逾期未改正的，责令停产停业整顿，并处十万元以上二十万元以下的罚款，对其直接负责的主管人员和其他直接责任人员处二万元以上五万元以下的罚款。	1.立案责任 2.调查责任 3.审查责任 4.告知责任 5.决定责任 6.送达责任 7.执行责任	因不履行或不正确履行行政职责，有下列情形的，行政机关及相关工作人员应承担相应责任：1.没有法律和事实依据实施行政处罚的；2.行政处罚显失公正的；3.违反法定的行政处罚程序的。		县级	
65	行政处罚	对生产经营单位未按照规定设置安全生产管理机构或者配备安全生产管理人员的处罚	县应急管理局	执法大队	《中华人民共和国安全生产法》第九十七条：生产经营单位有下列行为之一的，责令限期改正，处十万元以下的罚款；逾期未改正的，责令停产停业整顿，并处十万元以上二十万元以下的罚款，对其直接负责的主管人员和其他直接责任人员处二万元以上五万元以下的罚款。	1.立案责任 2.调查责任 3.审查责任 4.告知责任 5.决定责任 6.送达责任 7.执行责任	因不履行或不正确履行行政职责，有下列情形的，行政机关及相关工作人员应承担相应责任：1.没有法律和事实依据实施行政处罚的；2.行政处罚显失公正的；3.违反法定的行政处罚程序的。		县级	
66	行政处罚	对生产经营单位未按照规定设置安全生产管理机构或者配备安全生产管理人员的处罚	县应急管理局	执法大队	《中华人民共和国安全生产法》第九十七条：生产经营单位有下列行为之一的，责令限期改正，处十万元以下的罚款；逾期未改正的，责令停产停业整顿，并处十万元以上二十万元以下的罚款，对其直接负责的主管人员和其他直接责任人员处二万元以上五万元以下的罚款。	1.立案责任 2.调查责任 3.审查责任 4.告知责任 5.决定责任 6.送达责任 7.执行责任	因不履行或不正确履行行政职责，有下列情形的，行政机关及相关工作人员应承担相应责任：1.没有法律和事实依据实施行政处罚的；2.行政处罚显失公正的；3.违反法定的行政处罚程序的。		县级	
67	行政处罚	对生产经营单位未按照规定设置安全生产管理机构或者配备安全生产管理人员的处罚	县应急管理局	执法大队	《中华人民共和国安全生产法》第九十七条：生产经营单位有下列行为之一的，责令限期改正，处十万元以下的罚款；逾期未改正的，责令停产停业整顿，并处十万元以上二十万元以下的罚款，对其直接负责的主管人员和其他直接责任人员处二万元以上五万元以下的罚款。	1.立案责任 2.调查责任 3.审查责任 4.告知责任 5.决定责任 6.送达责任 7.执行责任	因不履行或不正确履行行政职责，有下列情形的，行政机关及相关工作人员应承担相应责任：1.没有法律和事实依据实施行政处罚的；2.行政处罚显失公正的；3.违反法定的行政处罚程序的。		县级	
68	行政处罚	对生产经营单位未按照规定设置安全生产管理机构或者配备安全生产管理人员的处罚	县应急管理局	执法大队	《中华人民共和国安全生产法》第九十七条：生产经营单位有下列行为之一的，责令限期改正，处十万元以下的罚款；逾期未改正的，责令停产停业整顿，并处十万元以上二十万元以下的罚款，对其直接负责的主管人员和其他直接责任人员处二万元以上五万元以下的罚款。	1.立案责任 2.调查责任 3.审查责任 4.告知责任 5.决定责任 6.送达责任 7.执行责任	因不履行或不正确履行行政职责，有下列情形的，行政机关及相关工作人员应承担相应责任：1.没有法律和事实依据实施行政处罚的；2.行政处罚显失公正的；3.违反法定的行政处罚程序的。		县级	
69	行政处罚	对生产经营单位未按照规定设置安全生产管理机构或者配备安全生产管理人员的处罚	县应急管理局	执法大队	《中华人民共和国安全生产法》第九十七条：生产经营单位有下列行为之一的，责令限期改正，处十万元以下的罚款；逾期未改正的，责令停产停业整顿，并处十万元以上二十万元以下的罚款，对其直接负责的主管人员和其他直接责任人员处二万元以上五万元以下的罚款。	1.立案责任 2.调查责任 3.审查责任 4.告知责任 5.决定责任 6.送达责任 7.执行责任	因不履行或不正确履行行政职责，有下列情形的，行政机关及相关工作人员应承担相应责任：1.没有法律和事实依据实施行政处罚的；2.行政处罚显失公正的；3.违反法定的行政处罚程序的。		县级	
70	行政处罚	对生产经营单位未按照规定设置安全生产管理机构或者配备安全生产管理人员的处罚	县应急管理局	执法大队	《中华人民共和国安全生产法》第九十七条：生产经营单位有下列行为之一的，责令限期改正，处十万元以下的罚款；逾期未改正的，责令停产停业整顿，并处十万元以上二十万元以下的罚款，对其直接负责的主管人员和其他直接责任人员处二万元以上五万元以下的罚款。	1.立案责任 2.调查责任 3.审查责任 4.告知责任 5.决定责任 6.送达责任 7.执行责任	因不履行或不正确履行行政职责，有下列情形的，行政机关及相关工作人员应承担相应责任：1.没有法律和事实依据实施行政处罚的；2.行政处罚显失公正的；3.违反法定的行政处罚程序的。		县级	
71	行政处罚	对生产经营单位未按照规定设置安全生产管理机构或者配备安全生产管理人员的处罚	县应急管理局	执法大队	《中华人民共和国安全生产法》第九十七条：生产经营单位有下列行为之一的，责令限期改正，处十万元以下的罚款；逾期未改正的，责令停产停业整顿，并处十万元以上二十万元以下的罚款，对其直接负责的主管人员和其他直接责任人员处二万元以上五万元以下的罚款。	1.立案责任 2.调查责任 3.审查责任 4.告知责任 5.决定责任 6.送达责任 7.执行责任	因不履行或不正确履行行政职责，有下列情形的，行政机关及相关工作人员应承担相应责任：1.没有法律和事实依据实施行政处罚的；2.行政处罚显失公正的；3.违反法定的行政处罚程序的。		县级	
72	行政处罚	对生产经营单位未按照规定设置安全生产管理机构或者配备安全生产管理人员的处罚	县应急管理局	执法大队	《中华人民共和国安全生产法》第九十七条：生产经营单位有下列行为之一的，责令限期改正，处十万元以下的罚款；逾期未改正的，责令停产停业整顿，并处十万元以上二十万元以下的罚款，对其直接负责的主管人员和其他直接责任人员处二万元以上五万元以下的罚款。	1.立案责任 2.调查责任 3.审查责任 4.告知责任 5.决定责任 6.送达责任 7.执行责任	因不履行或不正确履行行政职责，有下列情形的，行政机关及相关工作人员应承担相应责任：1.没有法律和事实依据实施行政处罚的；2.行政处罚显失公正的；3.违反法定的行政处罚程序的。		县级	
73	行政处罚	对生产经营单位未按照规定设置安全生产管理机构或者配备安全生产管理人员的处罚	县应急管理局	执法大队	《中华人民共和国安全生产法》第九十七条：生产经营单位有下列行为之一的，责令限期改正，处十万元以下的罚款；逾期未改正的，责令停产停业整顿，并处十万元以上二十万元以下的罚款，对其直接负责的主管人员和其他直接责任人员处二万元以上五万元以下的罚款。	1.立案责任 2.调查责任 3.审查责任 4.告知责任 5.决定责任 6.送达责任 7.执行责任	因不履行或不正确履行行政职责，有下列情形的，行政机关及相关工作人员应承担相应责任：1.没有法律和事实依据实施行政处罚的；2.行政处罚显失公正的；3.违反法定的行政处罚程序的。		县级	
74	行政处罚	对生产经营单位未按照规定设置安全生产管理机构或者配备安全生产管理人员的处罚	县应急管理局	执法大队	《中华人民共和国安全生产法》第九十七条：生产经营单位有下列行为之一的，责令限期改正，处十万元以下的罚款；逾期未改正的，责令停产停业整顿，并处十万元以上二十万元以下的罚款，对其直接负责的主管人员和其他直接责任人员处二万元以上五万元以下的罚款。	1.立案责任 2.调查责任 3.审查责任 4.告知责任 5.决定责任 6.送达责任 7.执行责任	因不履行或不正确履行行政职责，有下列情形的，行政机关及相关工作人员应承担相应责任：1.没有法律和事实依据实施行政处罚的；2.行政处罚显失公正的；3.违反法定的行政处罚程序的。		县级	
75	行政处罚	对生产经营单位未按照规定设置安全生产管理机构或者配备安全生产管理人员的处罚	县应急管理局	执法大队	《中华人民共和国安全生产法》第九十七条：生产经营单位有下列行为之一的，责令限期改正，处十万元以下的罚款；逾期未改正的，责令停产停业整顿，并处十万元以上二十万元以下的罚款，对其直接负责的主管人员和其他直接责任人员处二万元以上五万元以下的罚款。	1.立案责任 2.调查责任 3.审查责任 4.告知责任 5.决定责任 6.送达责任 7.执行责任	因不履行或不正确履行行政职责，有下列情形的，行政机关及相关工作人员应承担相应责任：1.没有法律和事实依据实施行政处罚的；2.行政处罚显失公正的；3.违反法定的行政处罚程序的。		县级	
76	行政处罚	对生产经营单位未按照规定设置安全生产管理机构或者配备安全生产管理人员的处罚	县应急管理局	执法大队	《中华人民共和国安全生产法》第九十七条：生产经营单位有下列行为之一的，责令限期改正，处十万元以下的罚款；逾期未改正的，责令停产停业整顿，并处十万元以上二十万元以下的罚款，对其直接负责的主管人员和其他直接责任人员处二万元以上五万元以下的罚款。	1.立案责任 2.调查责任 3.审查责任 4.告知责任 5.决定责任 6.送达责任 7.执行责任	因不履行或不正确履行行政职责，有下列情形的，行政机关及相关工作人员应承担相应责任：1.没有法律和事实依据实施行政处罚的；2.行政处罚显失公正的；3.违反法定的行政处罚程序的。		县级	
77	行政处罚	对生产经营单位未按照规定设置安全生产管理机构或者配备安全生产管理人员的处罚	县应急管理局	执法大队	《中华人民共和国安全生产法》第九十七条：生产经营单位有下列行为之一的，责令限期改正，处十万元以下的罚款；逾期未改正的，责令停产停业整顿，并处十万元以上二十万元以下的罚款，对其直接负责的主管人员和其他直接责任人员处二万元以上五万元以下的罚款。	1.立案责任 2.调查责任 3.审查责任 4.告知责任 5.决定责任 6.送达责任 7.执行责任	因不履行或不正确履行行政职责，有下列情形的，行政机关及相关工作人员应承担相应责任：1.没有法律和事实依据实施行政处罚的；2.行政处罚显失公正的；3.违反法定的行政处罚程序的。		县级	
78	行政处罚	对生产经营单位未按照规定设置安全生产管理机构或者配备安全生产管理人员的处罚	县应急管理局	执法大队	《中华人民共和国安全生产法》第九十七条：生产经营单位有下列行为之一的，责令限期改正，处十万元以下的罚款；逾期未改正的，责令停产停业整顿，并处十万元以上二十万元以下的罚款，对其直接负责的主管人员和其他直接责任人员处二万元以上五万元以下的罚款。	1.立案责任 2.调查责任 3.审查责任 4.告知责任 5.决定责任 6.送达责任 7.执行责任	因不履行或不正确履行行政职责，有下列情形的，行政机关及相关工作人员应承担相应责任：1.没有法律和事实依据实施行政处罚的；2.行政处罚显失公正的；3.违反法定的行政处罚程序的。		县级	
79	行政处罚	对生产经营单位未按照规定设置安全生产管理机构或者配备安全生产管理人员的处罚	县应急管理局	执法大队	《中华人民共和国安全生产法》第九十七条：生产经营单位有下列行为之一的，责令限期改正，处十万元以下的罚款；逾期未改正的，责令停产停业整顿，并处十万元以上二十万元以下的罚款，对其直接负责的主管人员和其他直接责任人员处二万元以上五万元以下的罚款。	1.立案责任 2.调查责任 3.审查责任 4.告知责任 5.决定责任 6.送达责任 7.执行责任	因不履行或不正确履行行政职责，有下列情形的，行政机关及相关工作人员应承担相应责任：1.没有法律和事实依据实施行政处罚的；2.行政处罚显失公正的；3.违反法定的行政处罚程序的。		县级	
80	行政处罚	对生产经营单位未按照规定设置安全生产管理机构或者配备安全生产管理人员的处罚	县应急管理局	执法大队	《中华人民共和国安全生产法》第九十七条：生产经营单位有下列行为之一的，责令限期改正，处十万元以下的罚款；逾期未改正的，责令停产停业整顿，并处十万元以上二十万元以下的罚款，对其直接负责的主管人员和其他直接责任人员处二万元以上五万元以下的罚款。	1.立案责任 2.调查责任 3.审查责任 4.告知责任 5.决定责任 6.送达责任 7.执行责任	因不履行或不正确履行行政职责，有下列情形的，行政机关及相关工作人员应承担相应责任：1.没有法律和事实依据实施行政处罚的；2.行政处罚显失公正的；3.违反法定的行政处罚程序的。		县级	
81	行政处罚	对生产经营单位未按照规定设置安全生产管理机构或者配备安全生产管理人员的处罚	县应急管理局	执法大队	《中华人民共和国安全生产法》第九十七条：生产经营单位有下列行为之一的，责令限期改正，处十万元以下的罚款；逾期未改正的，责令停产停业整顿，并处十万元以上二十万元以下的罚款，对其直接负责的主管人员和其他直接责任人员处二万元以上五万元以下的罚款。	1.立案责任 2.调查责任 3.审查责任 4.告知责任 5.决定责任 6.送达责任 7.执行责任	因不履行或不正确履行行政职责，有下列情形的，行政机关及相关工作人员应承担相应责任：1.没有法律和事实依据实施行政处罚的；2.行政处罚显失公正的；3.违反法定的行政处罚程序的。		县级	
82	行政处罚	对生产经营单位未按照规定设置安全生产管理机构或者配备安全生产管理人员的处罚	县应急管理局	执法大队	《中华人民共和国安全生产法》第九十七条：生产经营单位有下列行为之一的，责令限期改正，处十万元以下的罚款；逾期未改正的，责令停产停业整顿，并处十万元以上二十万元以下的罚款，对其直接负责的主管人员和其他直接责任人员处二万元以上五万元以下的罚款。	1.立案责任 2.调查责任 3.审查责任 4.告知责任 5.决定责任 6.送达责任 7.执行责任	因不履行或不正确履行行政职责，有下列情形的，行政机关及相关工作人员应承担相应责任：1.没有法律和事实依据实施行政处罚的；2.行政处罚显失公正的；3.违反法定的行政处罚程序的。		县级	
83	行政处罚	对生产经营单位未按照规定设置安全生产管理机构或者配备安全生产管理人员的处罚	县应急管理局	执法大队	《中华人民共和国安全生产法》第九十七条：生产经营单位有下列行为之一的，责令限期改正，处十万元以下的罚款；逾期未改正的，责令停产停业整顿，并处十万元以上二十万元以下的罚款，对其直接负责的主管人员和其他直接责任人员处二万元以上五万元以下的罚款。	1.立案责任 2.调查责任 3.审查责任 4.告知责任 5.决定责任 6.送达责任 7.执行责任	因不履行或不正确履行行政职责，有下列情形的，行政机关及相关工作人员应承担相应责任：1.没有法律和事实依据实施行政处罚的；2.行政处罚显失公正的；3.违反法定的行政处罚程序的。		县级	
84	行政处罚	对生产经营单位未按照规定设置安全生产管理机构或者配备安全生产管理人员的处罚	县应急管理局	执法大队	《中华人民共和国安全生产法》第九十七条：生产经营单位有下列行为之一的，责令限期改正，处十万元以下的罚款；逾期未改正的，责令停产停业整顿，并处十万元以上二十万元以下的罚款，对其直接负责的主管人员和其他直接责任人员处二万元以上五万元以下的罚款。	1.立案责任 2.调查责任 3.审查责任 4.告知责任 5.决定责任 6.送达责任 7.执行责任	因不履行或不正确履行行政职责，有下列情形的，行政机关及相关工作人员应承担相应责任：1.没有法律和事实依据实施行政处罚的；2.行政处罚显失公正的；3.违反法定的行政处罚程序的。		县级	
85	行政处罚	对生产经营单位未按照规定设置安全生产管理机构或者配备安全生产管理人员的处罚	县应急管理局	执法大队	《中华人民共和国安全生产法》第九十七条：生产经营单位有下列行为之一的，责令限期改正，处十万元以下的罚款；逾期未改正的，责令停产停业整顿，并处十万元以上二十万元以下的罚款，对其直接负责的主管人员和其他直接责任人员处二万元以上五万元以下的罚款。	1.立案责任 2.调查责任 3.审查责任 4.告知责任 5.决定责任 6.送达责任 7.执行责任	因不履行或不正确履行行政职责，有下列情形的，行政机关及相关工作人员应承担相应责任：1.没有法律和事实依据实施行政处罚的；2.行政处罚显失公正的；3.违反法定的行政处罚程序的。		县级	
86	行政处罚	对生产经营单位未按照规定设置安全生产管理机构或者配备安全生产管理人员的处罚	县应急管理局	执法大队	《中华人民共和国安全生产法》第九十七条：生产经营单位有下列行为之一的，责令限期改正，处十万元以下的罚款；逾期未改正的，责令停产停业整顿，并处十万元以上二十万元以下的罚款，对其直接负责的主管人员和其他直接责任人员处二万元以上五万元以下的罚款。	1.立案责任 2.调查责任 3.审查责任 4.告知责任 5.决定责任 6.送达责任 7.执行责任	因不履行或不正确履行行政职责，有下列情形的，行政机关及相关工作人员应承担相应责任：1.没有法律和事实依据实施行政处罚的；2.行政处罚显失公正的；3.违反法定的行政处罚程序的。		县级	
87	行政处罚	对生产经营单位未按照规定设置安全生产管理机构或者配备安全生产管理人员的处罚	县应急管理局	执法大队	《中华人民共和国安全生产法》第九十七条：生产经营单位有下列行为之一的，责令限期改正，处十万元以下的罚款；逾期未改正的，责令停产停业整顿，并处十万元以上二十万元以下的罚款，对其直接负责的主管人员和其他直接责任人员处二万元以上五万元以下的罚款。	1.立案责任 2.调查责任 3.审查责任 4.告知责任 5.决定责任 6.送达责任 7.执行责任	因不履行或不正确履行行政职责，有下列情形的，行政机关及相关工作人员应承担相应责任：1.没有法律和事实依据实施行政处罚的；2.行政处罚显失公正的；3.违反法定的行政处罚程序的。		县级	
88	行政处罚	对生产经营单位未按照规定设置安全生产管理机构或者配备安全生产管理人员的处罚	县应急管理局	执法大队	《中华人民共和国安全生产法》第九十七条：生产经营单位有下列行为之一的，责令限期改正，处十万元以下的罚款；逾期未改正的，责令停产停业整顿，并处十万元以上二十万元以下的罚款，对其直接负责的主管人员和其他直接责任人员处二万元以上五万元以下的罚款。	1.立案责任 2.调查责任 3.审查责任 4.告知责任 5.决定责任 6.送达责任 7.执行责任	因不履行或不正确履行行政职责，有下列情形的，行政机关及相关工作人员应承担相应责任：1.没有法律和事实依据实施行政处罚的；2.行政处罚显失公正的；3.违反法定的行政处罚程序的。		县级	
89	行政处罚	对生产经营单位未按照规定设置安全生产管理机构或者配备安全生产管理人员的处罚	县应急管理局	执法大队	《中华人民共和国安全生产法》第九十七条：生产经营单位有下列行为之一的，责令限期改正，处十万元以下的罚款；逾期未改正的，责令停产停业整顿，并处十万元以上二十万元以下的罚款，对其直接负责的主管人员和其他直接责任人员处二万元以上五万元以下的罚款。	1.立案责任 2.调查责任 3.审查责任 4.告知责任 5.决定责任 6.送达责任 7.执行责任	因不履行或不正确履行行政职责，有下列情形的，行政机关及相关工作人员应承担相应责任：1.没有法律和事实依据实施行政处罚的；2.行政处罚显失公正的；3.违反法定的行政处罚程序的。		县级	
90	行政处罚	对生产经营单位未按照规定设置安全生产管理机构或者配备安全生产管理人员的处罚	县应急管理局	执法大队	《中华人民共和国安全生产法》第九十七条：生产经营单位有下列行为之一的，责令限期改正，处十万元以下的罚款；逾期未改正的，责令停产停业整顿，并处十万元以上二十万元以下的罚款，对其直接负责的主管人员和其他直接责任人员处二万元以上五万元以下的罚款。	1.立案责任 2.调查责任 3.审查责任 4.告知责任 5.决定责任 6.送达责任 7.执行责任	因不履行或不正确履行行政职责，有下列情形的，行政机关及相关工作人员应承担相应责任：1.没有法律和事实依据实施行政处罚的；2.行政处罚显失公正的；3.违反法定的行政处罚程序的。		县级	
91	行政处罚	对生产经营单位未按照规定设置安全生产管理机构或者配备安全生产管理人员的处罚	县应急管理局	执法大队	《中华人民共和国安全生产法》第九十七条：生产经营单位有下列行为之一的，责令限期改正，处十万元以下的罚款；逾期未改正的，责令停产停业整顿，并处十万元以上二十万元以下的罚款，对其直接负责的主管人员和其他直接责任人员处二万元以上五万元以下的罚款。	1.立案责任 2.调查责任 3.审查责任 4.告知责任 5.决定责任 6.送达责任 7.执行责任	因不履行或不正确履行行政职责，有下列情形的，行政机关及相关工作人员应承担相应责任：1.没有法律和事实依据实施行政处罚的；2.行政处罚显失公正的；3.违反法定的行政处罚程序的。		县级	
92	行政处罚	对生产经营单位未按照规定设置安全生产管理机构或者配备安全生产管理人员的处罚	县应急管理局	执法大队	《中华人民共和国安全生产法》第九十七条：生产经营单位有下列行为之一的，责令限期改正，处十万元以下的罚款；逾期未改正的，责令停产停业整顿，并处十万元以上二十万元以下的罚款，对其直接负责的主管人员和其他直接责任人员处二万元以上五万元以下的罚款。	1.立案责任 2.调查责任 3.审查责任 4.告知责任 5.决定责任 6.送达责任 7.执行责任	因不履行或不正确履行行政职责，有下列情形的，行政机关及相关工作人员应承担相应责任：1.没有法律和事实依据实施行政处罚的；2.行政处罚显失公正的；3.违反法定的行政处罚程序的。		县级	
93	行政处罚	对生产经营单位未按照规定设置安全生产管理机构或者配备安全生产管理人员的处罚	县应急管理局	执法大队	《中华人民共和国安全生产法》第九十七条：生产经营单位有下列行为之一的，责令限期改正，处十万元以下的罚款；逾期未改正的，责令停产停业整顿，并处十万元以上二十万元以下的罚款，对其直接负责的主管人员和其他直接责任人员处二万元以上五万元以下的罚款。	1.立案责任 2.调查责任 3.审查责任 4.告知责任 5.决定责任 6.送达责任 7.执行责任	因不履行或不正确履行行政职责，有下列情形的，行政机关及相关工作人员应承担相应责任：1.没有法律和事实依据实施行政处罚的；2.行政处罚显失公正的；3.违反法定的行政处罚程序的。		县级	
94	行政处罚	对生产经营单位未按照规定设置安全生产管理机构或者配备安全生产管理人员的处罚	县应急管理局	执法大队	《中华人民共和国安全生产法》第九十七条：生产经营单位有下列行为之一的，责令限期改正，处十万元以下的罚款；逾期未改正的，责令停产停业整顿，并处十万元以上二十万元以下的罚款，对其直接负责的主管人员和其他直接责任人员处二万元以上五万元以下的罚款。	1.立案责任 2.调查责任 3.审查责任 4.告知责任 5.决定责任 6.送达责任 7.执行责任	因不履行或不正确履行行政职责，有下列情形的，行政机关及相关工作人员应承担相应责任：1.没有法律和事实依据实施行政处罚的；2.行政处罚显失公正的；3.违反法定的行政处罚程序的。		县级	
95	行政处罚	对生产经营单位未按照规定设置安全生产管理机构或者配备安全生产管理人员的处罚	县应急管理局	执法大队	《中华人民共和国安全生产法》第九十七条：生产经营单位有下列行为之一的，责令限期改正，处十万元以下的罚款；逾期未改正的，责令停产停业整顿，并处十万元以上二十万元以下的罚款，对其直接负责的主管人员和其他直接责任人员处二万元以上五万元以下的罚款。	1.立案责任 2.调查责任 3.审查责任 4.告知责任 5.决定责任 6.送达责任 7.执行责任	因不履行或不正确履行行政职责，有下列情形的，行政机关及相关工作人员应承担相应责任：1.没有法律和事实依据实施行政处罚的；2.行政处罚显失公正的；3.违反法定的行政处罚程序的。		县级	
96	行政处罚	对生产经营单位未按照规定设置安全生产管理机构或者配备安全生产管理人员的处罚	县应急管理局	执法大队	《中华人民共和国安全生产法》第九十七条：生产经营单位有下列行为之一的，责令限期改正，处十万元以下的罚款；逾期未改正的，责令停产停业整顿，并处十万元以上二十万元以下的罚款，对其直接负责的主管人员和其他直接责任人员处二万元以上五万元以下的罚款。	1.立案责任 2.调查责任 3.审查责任 4.告知责任 5.决定责任 6.送达责任 7.执行责任	因不履行或不正确履行行政职责，有下列情形的，行政机关及相关工作人员应承担相应责任：1.没有法律和事实依据实施行政处罚的；2.行政处罚显失公正的；3.违反法定的行政处罚程序的。		县级	
97	行政处罚	对生产经营单位未按照规定设置安全生产管理机构或者配备安全生产管理人员的处罚	县应急管理局	执法大队	《中华人民共和国安全生产法》第九十七条：生产经营单位有下列行为之一的，责令限期改正，处十万元以下的罚款；逾期未改正的，责令停产停业整顿，并处十万元以上二十万元以下的罚款，对其直接负责的主管人员和其他直接责任人员处二万元以上五万元以下的罚款。	1.立案责任 2.调查责任 3.审查责任 4.告知责任 5.决定责任 6.送达责任 7.执行责任	因不履行或不正确履行行政职责，有下列情形的，行政机关及相关工作人员应承担相应责任：1.没有法律和事实依据实施行政处罚的；2.行政处罚显失公正的；3.违反法定的行政处罚程序的。		县级	
98	行政处罚	对生产经营单位未按照规定设置安全生产管理机构或者配备安全生产管理人员的处罚	县应急管理局	执法大队	《中华人民共和国安全生产法》第九十七条：生产经营单位有下列行为之一的，责令限期改正，处十万元以下的罚款；逾期未改正的，责令停产停业整顿，并处十万元以上二十万元以下的罚款，对其直接负责的主管人员和其他直接责任人员处二万元以上五万元以下的罚款。	1.立案责任 2.调查责任 3.审查责任 4.告知责任 5.决定责任 6.送达责任 7.执行责任	因不履行或不正确履行行政职责，有下列情形的，行政机关及相关工作人员应承担相应责任：1.没有法律和事实依据实施行政处罚的；2.行政处罚显失公正的；3.违反法定的行政处罚程序的。		县级	
